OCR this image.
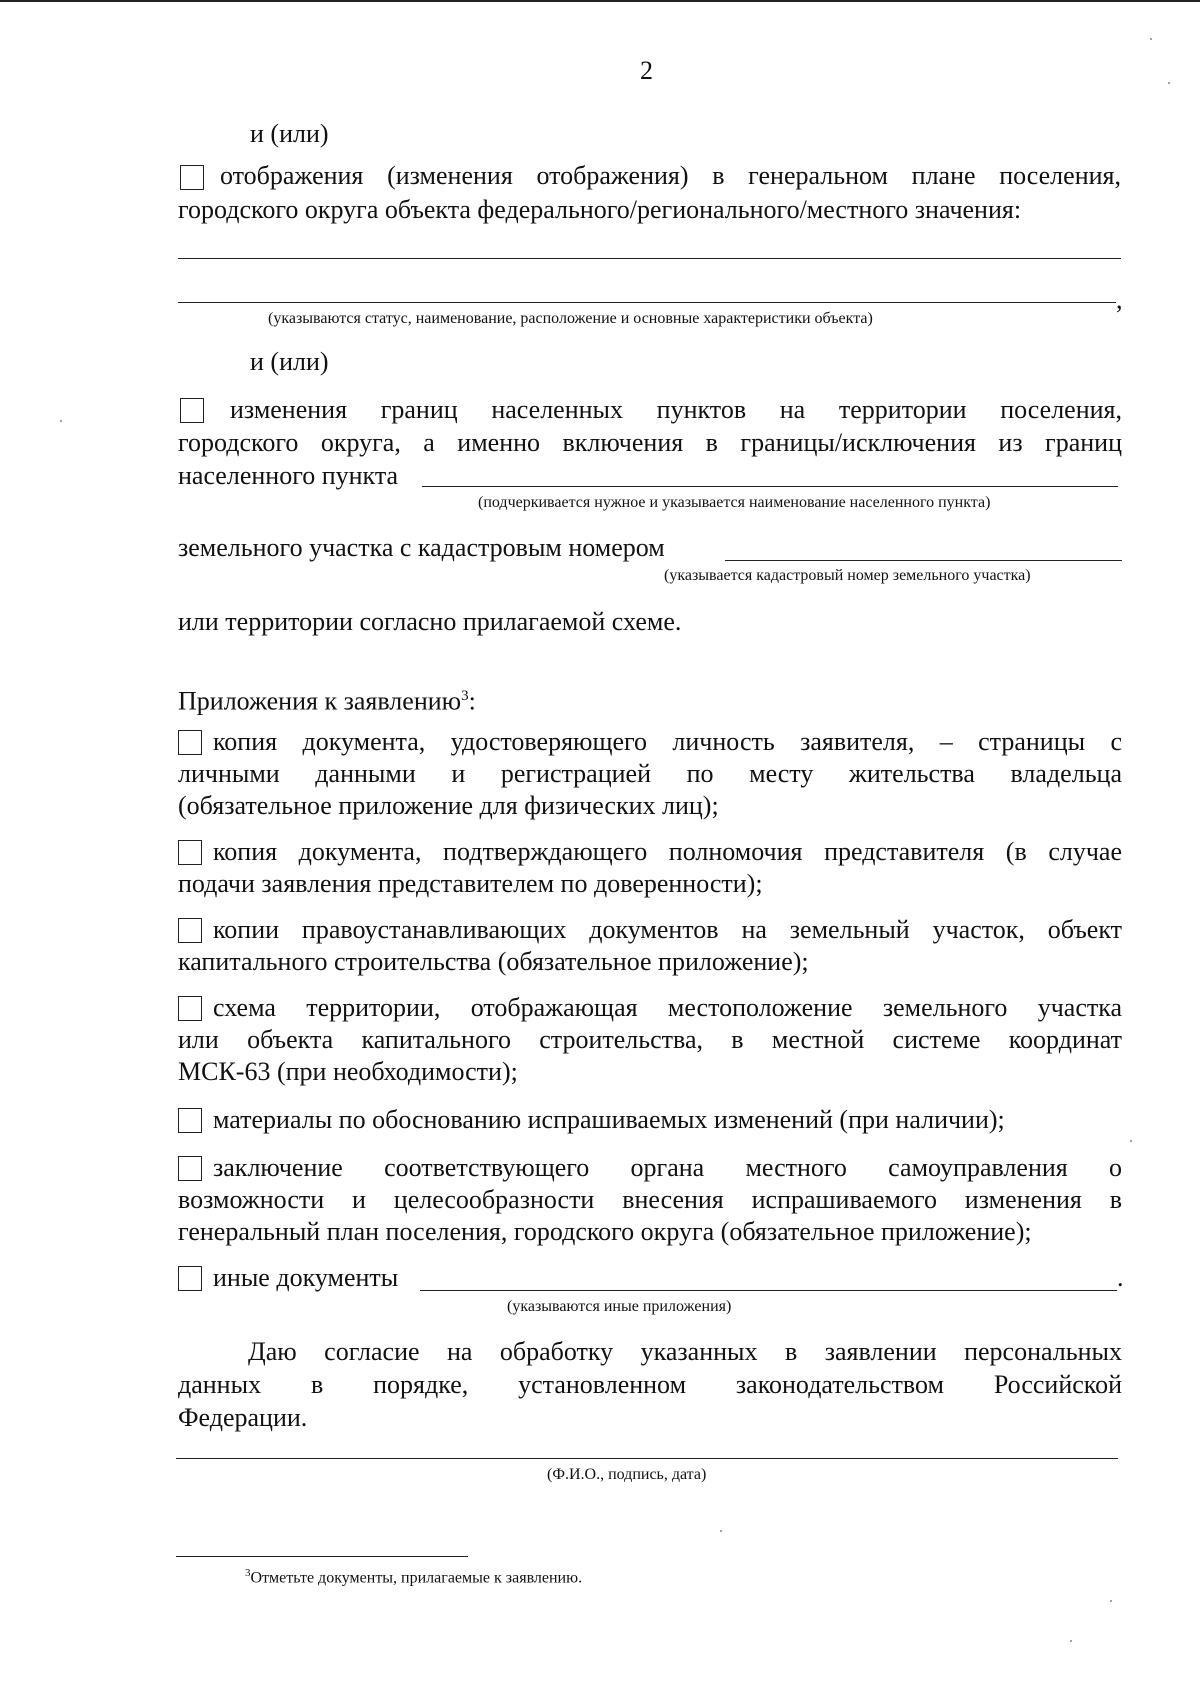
2
и (или)
отображения (изменения отображения) в генеральном плане поселения,
городского округа объекта федерального/регионального/местного значения:
,
(указываются статус, наименование, расположение и основные характеристики объекта)
и (или)
изменения границ населенных пунктов на территории поселения,
городского округа, а именно включения в границы/исключения из границ
населенного пункта
(подчеркивается нужное и указывается наименование населенного пункта)
земельного участка с кадастровым номером
(указывается кадастровый номер земельного участка)
или территории согласно прилагаемой схеме.
Приложения к заявлению$^3$:
копия документа, удостоверяющего личность заявителя, – страницы с
личными данными и регистрацией по месту жительства владельца
(обязательное приложение для физических лиц);
копия документа, подтверждающего полномочия представителя (в случае
подачи заявления представителем по доверенности);
копии правоустанавливающих документов на земельный участок, объект
капитального строительства (обязательное приложение);
схема территории, отображающая местоположение земельного участка
или объекта капитального строительства, в местной системе координат
МСК-63 (при необходимости);
материалы по обоснованию испрашиваемых изменений (при наличии);
заключение соответствующего органа местного самоуправления о
возможности и целесообразности внесения испрашиваемого изменения в
генеральный план поселения, городского округа (обязательное приложение);
иные документы	.
(указываются иные приложения)
Даю согласие на обработку указанных в заявлении персональных
данных в порядке, установленном законодательством Российской
Федерации.
(Ф.И.О., подпись, дата)
$^3$Отметьте документы, прилагаемые к заявлению.
